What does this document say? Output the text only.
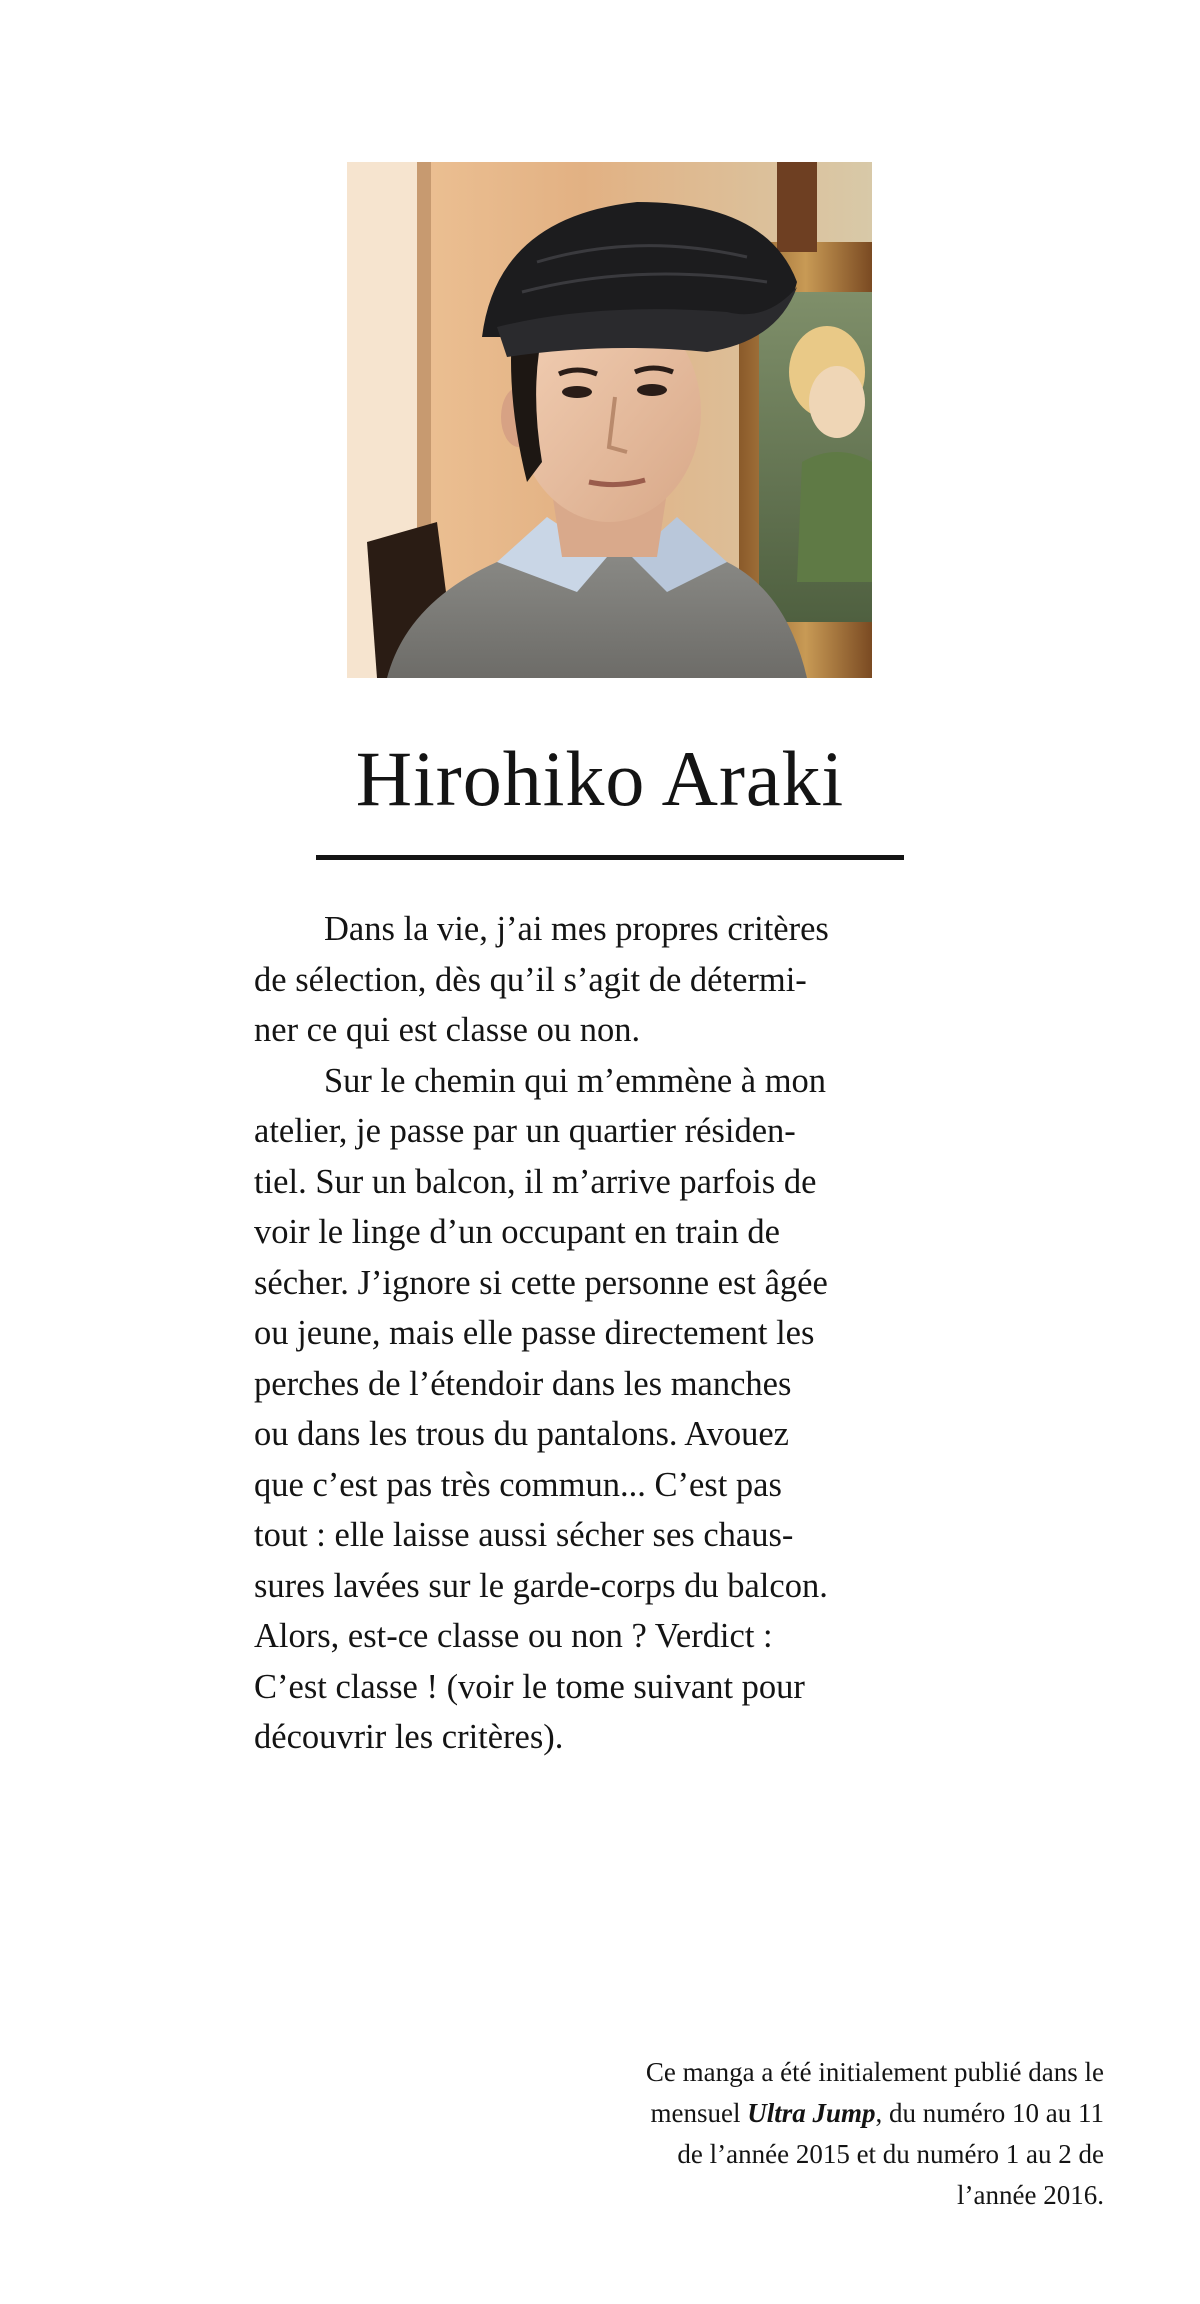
Hirohiko Araki
Dans la vie, j’ai mes propres critères
de sélection, dès qu’il s’agit de détermi-
ner ce qui est classe ou non.
Sur le chemin qui m’emmène à mon
atelier, je passe par un quartier résiden-
tiel. Sur un balcon, il m’arrive parfois de
voir le linge d’un occupant en train de
sécher. J’ignore si cette personne est âgée
ou jeune, mais elle passe directement les
perches de l’étendoir dans les manches
ou dans les trous du pantalons. Avouez
que c’est pas très commun... C’est pas
tout : elle laisse aussi sécher ses chaus-
sures lavées sur le garde-corps du balcon.
Alors, est-ce classe ou non ? Verdict :
C’est classe ! (voir le tome suivant pour
découvrir les critères).
Ce manga a été initialement publié dans le
mensuel Ultra Jump, du numéro 10 au 11
de l’année 2015 et du numéro 1 au 2 de
l’année 2016.
